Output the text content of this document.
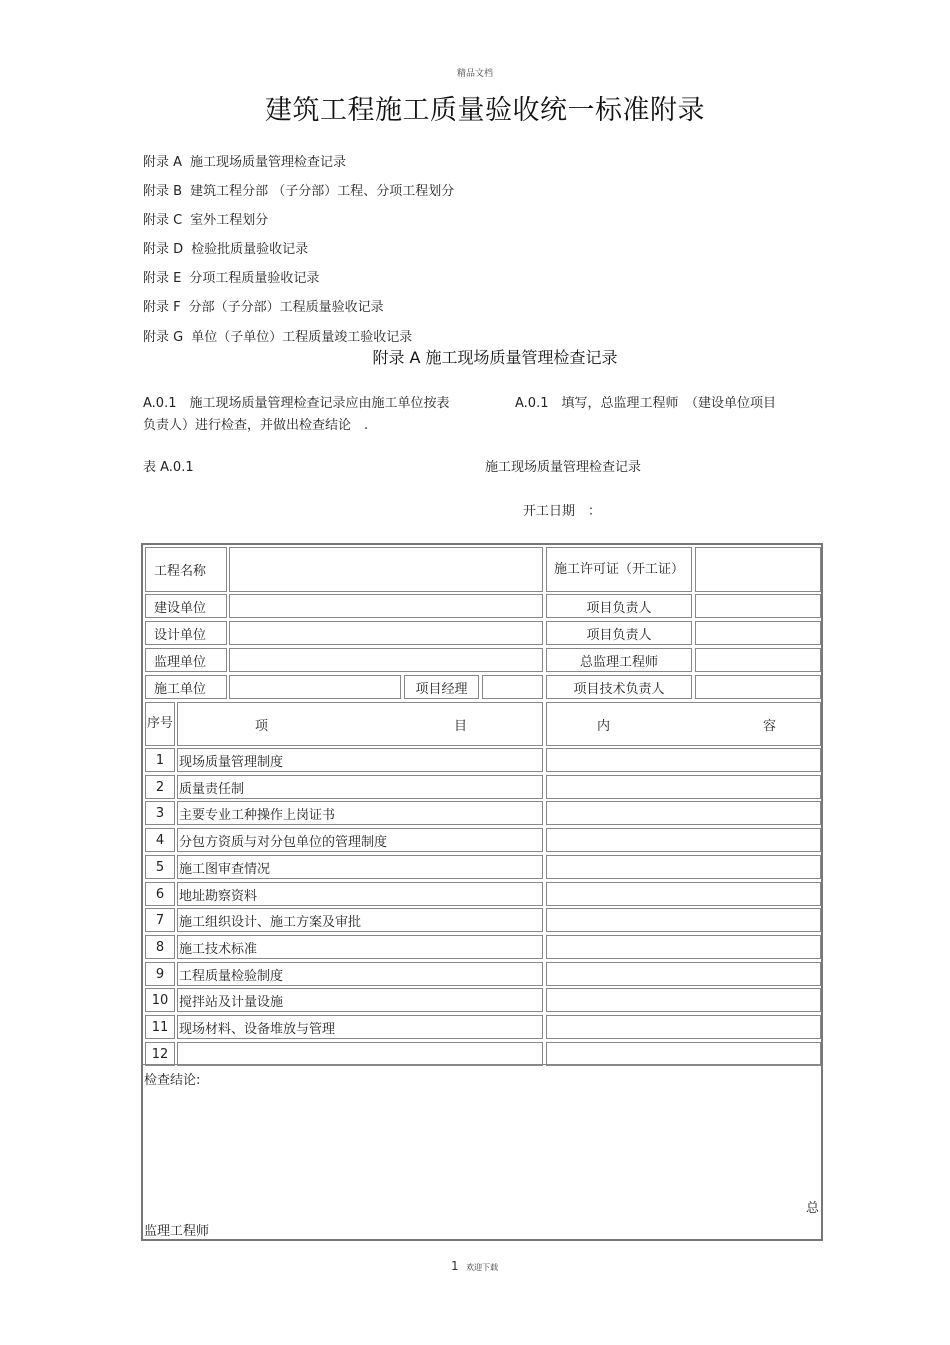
精品文档
建筑工程施工质量验收统一标准附录
附录 A 施工现场质量管理检查记录
附录 B 建筑工程分部 （子分部）工程、分项工程划分
附录 C 室外工程划分
附录 D 检验批质量验收记录
附录 E 分项工程质量验收记录
附录 F 分部（子分部）工程质量验收记录
附录 G 单位（子单位）工程质量竣工验收记录
附录 A 施工现场质量管理检查记录
A.0.1　施工现场质量管理检查记录应由施工单位按表	A.0.1　填写，总监理工程师　（建设单位项目
负责人）进行检查，并做出检查结论　.
表 A.0.1	施工现场质量管理检查记录
开工日期　：
工程名称	施工许可证（开工证）
建设单位	项目负责人
设计单位	项目负责人
监理单位	总监理工程师
施工单位	项目经理	项目技术负责人
序号	项	目	内	容
1	现场质量管理制度
2	质量责任制
3	主要专业工种操作上岗证书
4	分包方资质与对分包单位的管理制度
5	施工图审查情况
6	地址勘察资料
7	施工组织设计、施工方案及审批
8	施工技术标准
9	工程质量检验制度
10 搅拌站及计量设施
11 现场材料、设备堆放与管理
12
检查结论:
总
监理工程师
1 欢迎下载
